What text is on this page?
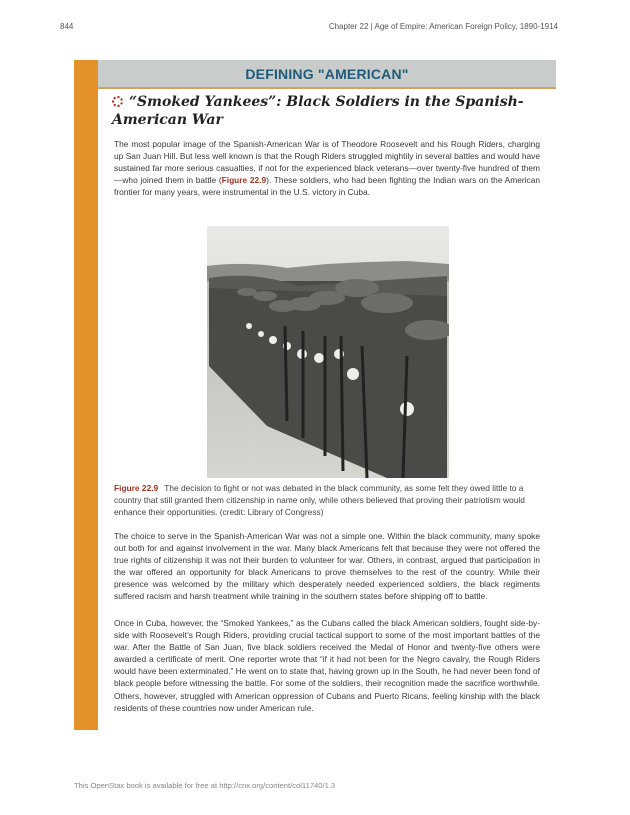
844	Chapter 22 | Age of Empire: American Foreign Policy, 1890-1914
DEFINING "AMERICAN"
“Smoked Yankees”: Black Soldiers in the Spanish-American War
The most popular image of the Spanish-American War is of Theodore Roosevelt and his Rough Riders, charging up San Juan Hill. But less well known is that the Rough Riders struggled mightily in several battles and would have sustained far more serious casualties, if not for the experienced black veterans—over twenty-five hundred of them—who joined them in battle (Figure 22.9). These soldiers, who had been fighting the Indian wars on the American frontier for many years, were instrumental in the U.S. victory in Cuba.
Figure 22.9 The decision to fight or not was debated in the black community, as some felt they owed little to a country that still granted them citizenship in name only, while others believed that proving their patriotism would enhance their opportunities. (credit: Library of Congress)
The choice to serve in the Spanish-American War was not a simple one. Within the black community, many spoke out both for and against involvement in the war. Many black Americans felt that because they were not offered the true rights of citizenship it was not their burden to volunteer for war. Others, in contrast, argued that participation in the war offered an opportunity for black Americans to prove themselves to the rest of the country. While their presence was welcomed by the military which desperately needed experienced soldiers, the black regiments suffered racism and harsh treatment while training in the southern states before shipping off to battle.
Once in Cuba, however, the “Smoked Yankees,” as the Cubans called the black American soldiers, fought side-by-side with Roosevelt’s Rough Riders, providing crucial tactical support to some of the most important battles of the war. After the Battle of San Juan, five black soldiers received the Medal of Honor and twenty-five others were awarded a certificate of merit. One reporter wrote that “if it had not been for the Negro cavalry, the Rough Riders would have been exterminated.” He went on to state that, having grown up in the South, he had never been fond of black people before witnessing the battle. For some of the soldiers, their recognition made the sacrifice worthwhile. Others, however, struggled with American oppression of Cubans and Puerto Ricans, feeling kinship with the black residents of these countries now under American rule.
This OpenStax book is available for free at http://cnx.org/content/col11740/1.3
